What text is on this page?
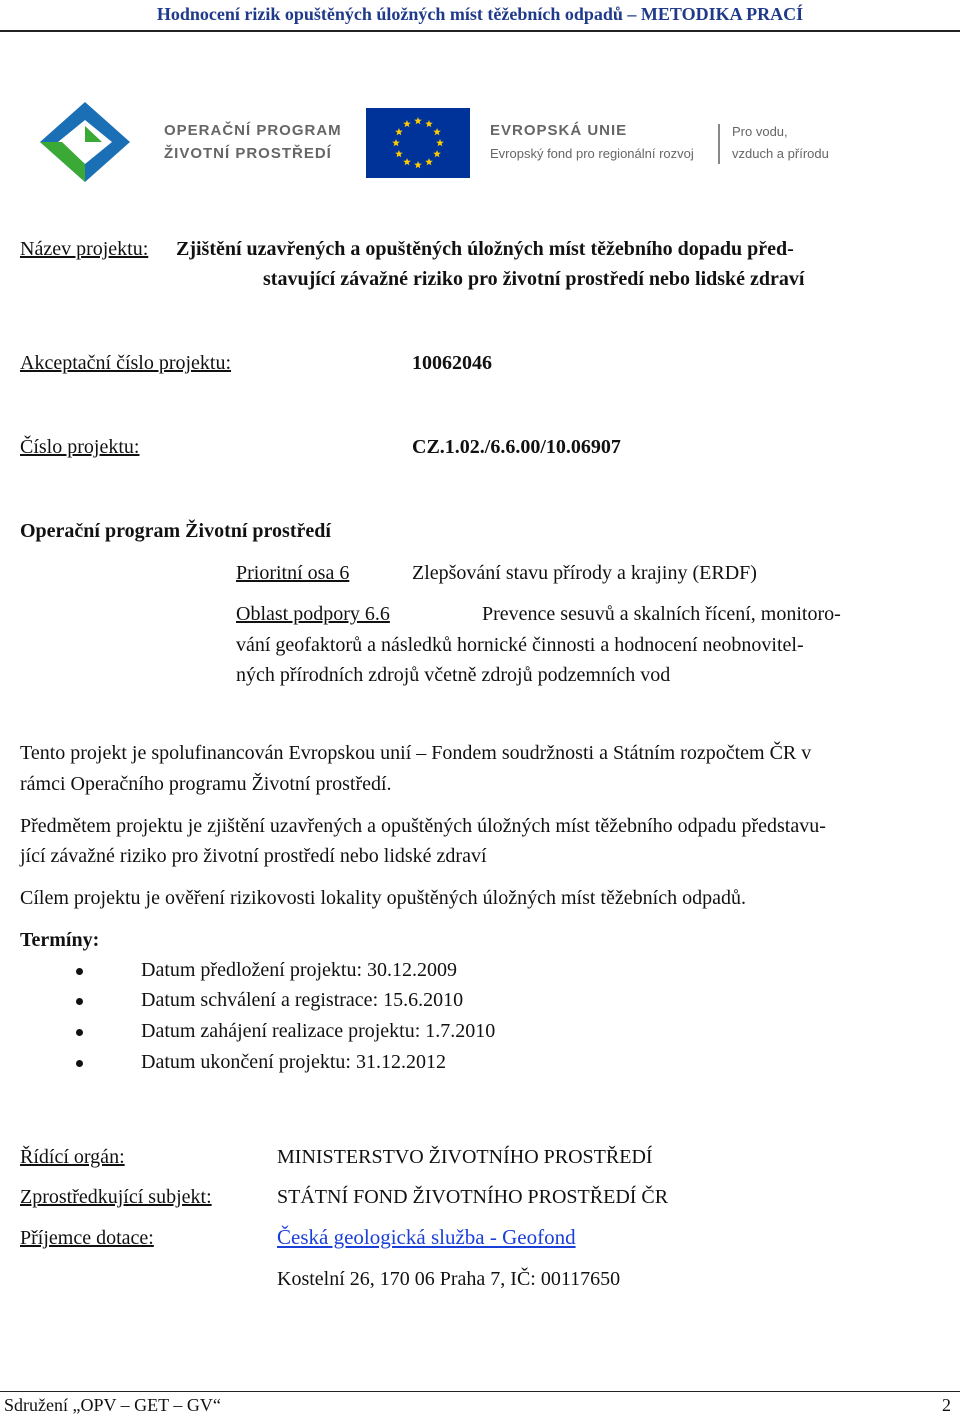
Hodnocení rizik opuštěných úložných míst těžebních odpadů – METODIKA PRACÍ
OPERAČNÍ PROGRAM
ŽIVOTNÍ PROSTŘEDÍ
EVROPSKÁ UNIE
Evropský fond pro regionální rozvoj
Pro vodu,
vzduch a přírodu
Název projektu: Zjištění uzavřených a opuštěných úložných míst těžebního dopadu před-
stavující závažné riziko pro životní prostředí nebo lidské zdraví
Akceptační číslo projektu:	10062046
Číslo projektu:	CZ.1.02./6.6.00/10.06907
Operační program Životní prostředí
Prioritní osa 6	Zlepšování stavu přírody a krajiny (ERDF)
Oblast podpory 6.6	Prevence sesuvů a skalních řícení, monitoro-
vání geofaktorů a následků hornické činnosti a hodnocení neobnovitel-
ných přírodních zdrojů včetně zdrojů podzemních vod
Tento projekt je spolufinancován Evropskou unií – Fondem soudržnosti a Státním rozpočtem ČR v
rámci Operačního programu Životní prostředí.
Předmětem projektu je zjištění uzavřených a opuštěných úložných míst těžebního odpadu představu-
jící závažné riziko pro životní prostředí nebo lidské zdraví
Cílem projektu je ověření rizikovosti lokality opuštěných úložných míst těžebních odpadů.
Termíny:
Datum předložení projektu: 30.12.2009
Datum schválení a registrace: 15.6.2010
Datum zahájení realizace projektu: 1.7.2010
Datum ukončení projektu: 31.12.2012
Řídící orgán:	MINISTERSTVO ŽIVOTNÍHO PROSTŘEDÍ
Zprostředkující subjekt:	STÁTNÍ FOND ŽIVOTNÍHO PROSTŘEDÍ ČR
Příjemce dotace:	Česká geologická služba - Geofond
Kostelní 26, 170 06 Praha 7, IČ: 00117650
Sdružení „OPV – GET – GV“	2
